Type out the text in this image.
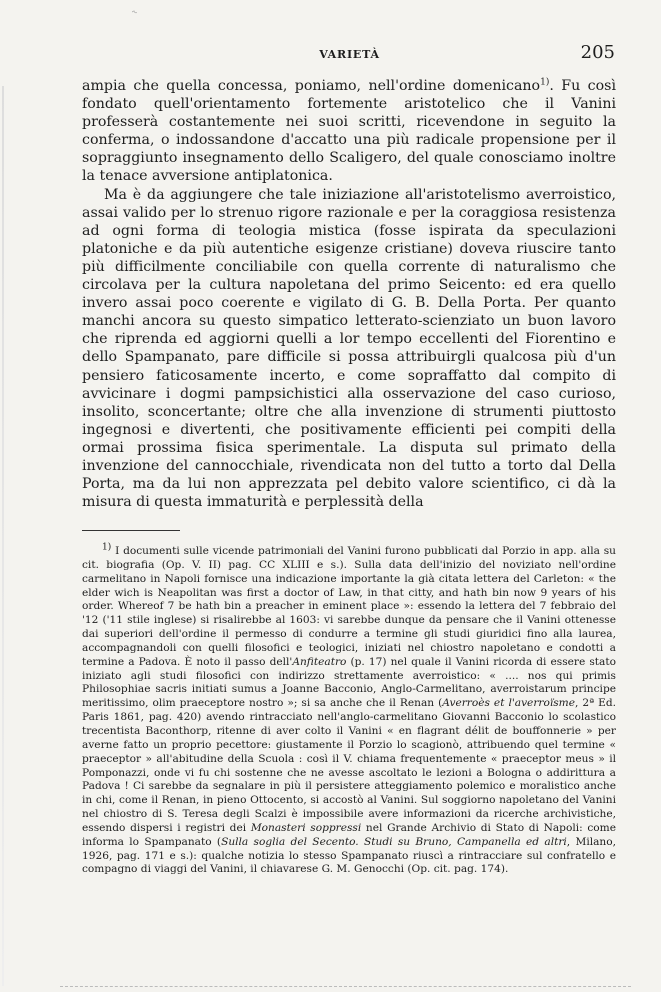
˞
VARIETÀ	205

ampia che quella concessa, poniamo, nell'ordine domenicano$^{1)}$. Fu così fondato quell'orientamento fortemente aristotelico che il Vanini professerà costantemente nei suoi scritti, ricevendone in seguito la conferma, o indossandone d'accatto una più radicale propensione per il sopraggiunto insegnamento dello Scaligero, del quale conosciamo inoltre la tenace avversione antiplatonica.

Ma è da aggiungere che tale iniziazione all'aristotelismo averroistico, assai valido per lo strenuo rigore razionale e per la coraggiosa resistenza ad ogni forma di teologia mistica (fosse ispirata da speculazioni platoniche e da più autentiche esigenze cristiane) doveva riuscire tanto più difficilmente conciliabile con quella corrente di naturalismo che circolava per la cultura napoletana del primo Seicento: ed era quello invero assai poco coerente e vigilato di G. B. Della Porta. Per quanto manchi ancora su questo simpatico letterato-scienziato un buon lavoro che riprenda ed aggiorni quelli a lor tempo eccellenti del Fiorentino e dello Spampanato, pare difficile si possa attribuirgli qualcosa più d'un pensiero faticosamente incerto, e come sopraffatto dal compito di avvicinare i dogmi pampsichistici alla osservazione del caso curioso, insolito, sconcertante; oltre che alla invenzione di strumenti piuttosto ingegnosi e divertenti, che positivamente efficienti pei compiti della ormai prossima fisica sperimentale. La disputa sul primato della invenzione del cannocchiale, rivendicata non del tutto a torto dal Della Porta, ma da lui non apprezzata pel debito valore scientifico, ci dà la misura di questa immaturità e perplessità della

$^{1)}$ I documenti sulle vicende patrimoniali del Vanini furono pubblicati dal Porzio in app. alla su cit. biografia (Op. V. II) pag. CC XLIII e s.). Sulla data dell'inizio del noviziato nell'ordine carmelitano in Napoli fornisce una indicazione importante la già citata lettera del Carleton: « the elder wich is Neapolitan was first a doctor of Law, in that citty, and hath bin now 9 years of his order. Whereof 7 be hath bin a preacher in eminent place »: essendo la lettera del 7 febbraio del '12 ('11 stile inglese) si risalirebbe al 1603: vi sarebbe dunque da pensare che il Vanini ottenesse dai superiori dell'ordine il permesso di condurre a termine gli studi giuridici fino alla laurea, accompagnandoli con quelli filosofici e teologici, iniziati nel chiostro napoletano e condotti a termine a Padova. È noto il passo dell'Anfiteatro (p. 17) nel quale il Vanini ricorda di essere stato iniziato agli studi filosofici con indirizzo strettamente averroistico: « .... nos qui primis Philosophiae sacris initiati sumus a Joanne Bacconio, Anglo-Carmelitano, averroistarum principe meritissimo, olim praeceptore nostro »; si sa anche che il Renan (Averroès et l'averroïsme, 2ª Ed. Paris 1861, pag. 420) avendo rintracciato nell'anglo-carmelitano Giovanni Bacconio lo scolastico trecentista Baconthorp, ritenne di aver colto il Vanini « en flagrant délit de bouffonnerie » per averne fatto un proprio pecettore: giustamente il Porzio lo scagionò, attribuendo quel termine « praeceptor » all'abitudine della Scuola : così il V. chiama frequentemente « praeceptor meus » il Pomponazzi, onde vi fu chi sostenne che ne avesse ascoltato le lezioni a Bologna o addirittura a Padova ! Ci sarebbe da segnalare in più il persistere atteggiamento polemico e moralistico anche in chi, come il Renan, in pieno Ottocento, si accostò al Vanini. Sul soggiorno napoletano del Vanini nel chiostro di S. Teresa degli Scalzi è impossibile avere informazioni da ricerche archivistiche, essendo dispersi i registri dei Monasteri soppressi nel Grande Archivio di Stato di Napoli: come informa lo Spampanato (Sulla soglia del Secento. Studi su Bruno, Campanella ed altri, Milano, 1926, pag. 171 e s.): qualche notizia lo stesso Spampanato riuscì a rintracciare sul confratello e compagno di viaggi del Vanini, il chiavarese G. M. Genocchi (Op. cit. pag. 174).
